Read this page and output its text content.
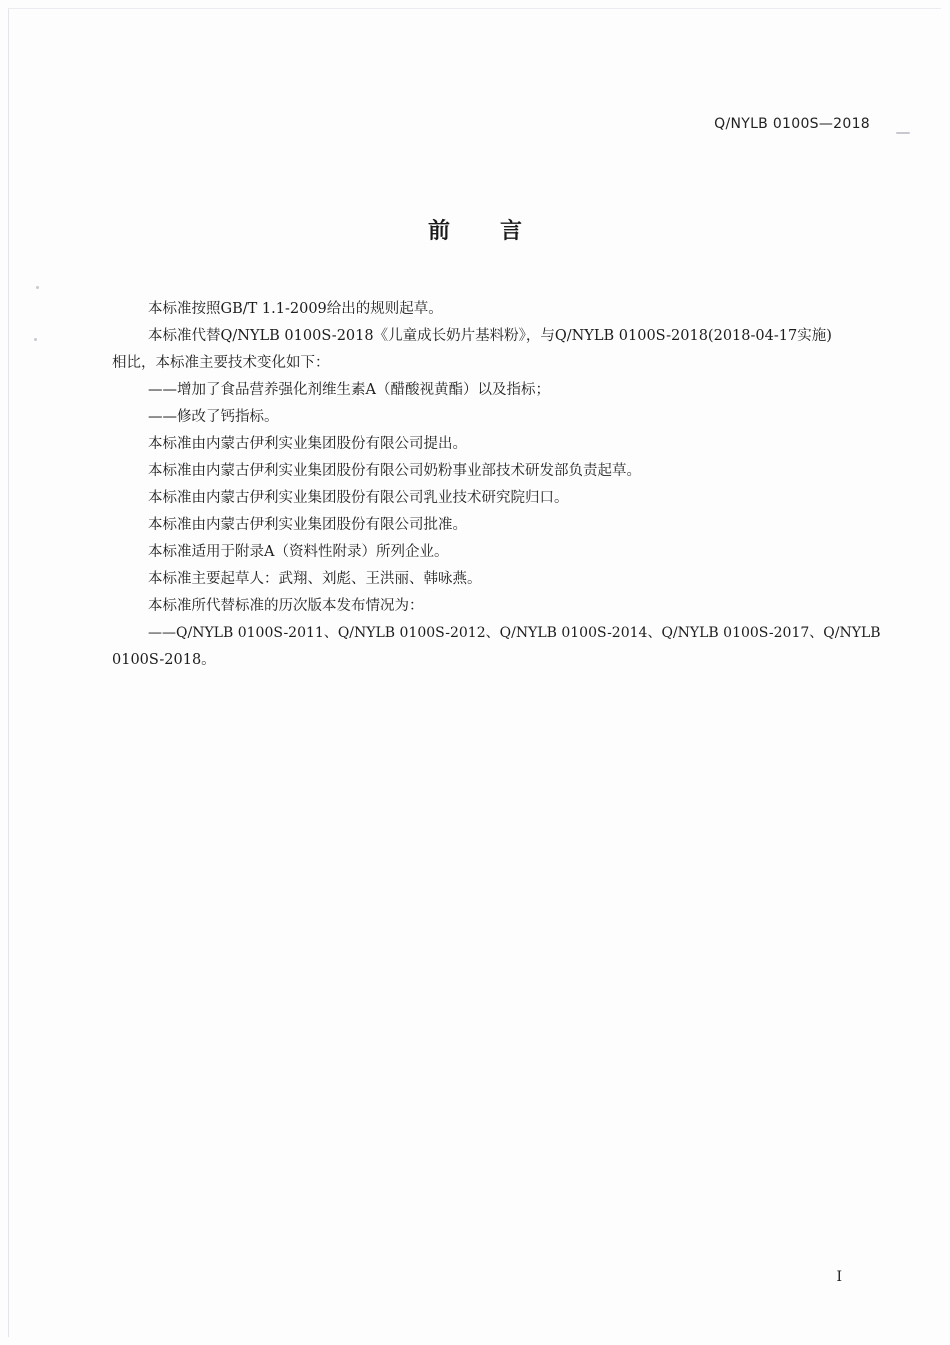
Q/NYLB 0100S—2018
前言

本标准按照GB/T 1.1-2009给出的规则起草。

本标准代替Q/NYLB 0100S-2018《儿童成长奶片基料粉》，与Q/NYLB 0100S-2018(2018-04-17实施)

相比，本标准主要技术变化如下：

——增加了食品营养强化剂维生素A（醋酸视黄酯）以及指标；

——修改了钙指标。

本标准由内蒙古伊利实业集团股份有限公司提出。

本标准由内蒙古伊利实业集团股份有限公司奶粉事业部技术研发部负责起草。

本标准由内蒙古伊利实业集团股份有限公司乳业技术研究院归口。

本标准由内蒙古伊利实业集团股份有限公司批准。

本标准适用于附录A（资料性附录）所列企业。

本标准主要起草人：武翔、刘彪、王洪丽、韩咏燕。

本标准所代替标准的历次版本发布情况为：

——Q/NYLB 0100S-2011、Q/NYLB 0100S-2012、Q/NYLB 0100S-2014、Q/NYLB 0100S-2017、Q/NYLB

0100S-2018。

I
